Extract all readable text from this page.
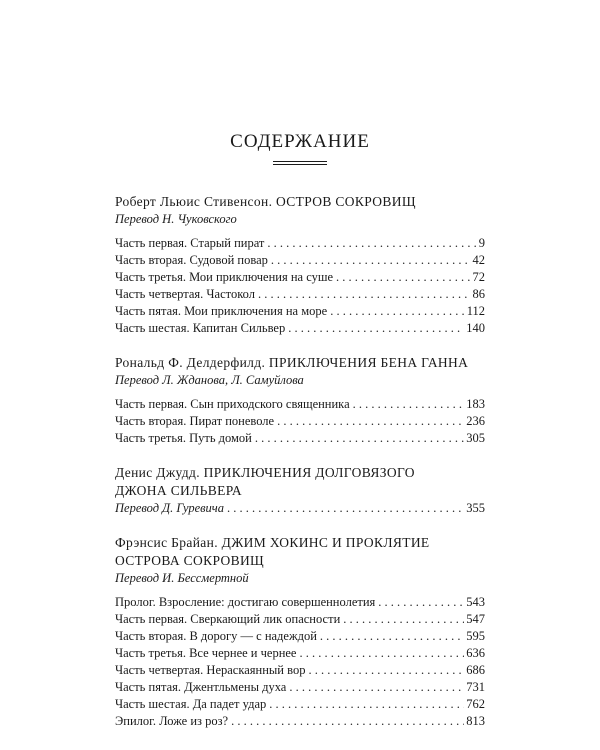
СОДЕРЖАНИЕ
Роберт Льюис Стивенсон. ОСТРОВ СОКРОВИЩ
Перевод Н. Чуковского
Часть первая. Старый пират . . .	9
Часть вторая. Судовой повар . . .	42
Часть третья. Мои приключения на суше . . .	72
Часть четвертая. Частокол . . .	86
Часть пятая. Мои приключения на море . . .	112
Часть шестая. Капитан Сильвер . . .	140
Рональд Ф. Делдерфилд. ПРИКЛЮЧЕНИЯ БЕНА ГАННА
Перевод Л. Жданова, Л. Самуйлова
Часть первая. Сын приходского священника . . .	183
Часть вторая. Пират поневоле . . .	236
Часть третья. Путь домой . . .	305
Денис Джудд. ПРИКЛЮЧЕНИЯ ДОЛГОВЯЗОГО
ДЖОНА СИЛЬВЕРА
Перевод Д. Гуревича . . .	355
Фрэнсис Брайан. ДЖИМ ХОКИНС И ПРОКЛЯТИЕ
ОСТРОВА СОКРОВИЩ
Перевод И. Бессмертной
Пролог. Взросление: достигаю совершеннолетия . . .	543
Часть первая. Сверкающий лик опасности . . .	547
Часть вторая. В дорогу — с надеждой . . .	595
Часть третья. Все чернее и чернее . . .	636
Часть четвертая. Нераскаянный вор . . .	686
Часть пятая. Джентльмены духа . . .	731
Часть шестая. Да падет удар . . .	762
Эпилог. Ложе из роз? . . .	813
